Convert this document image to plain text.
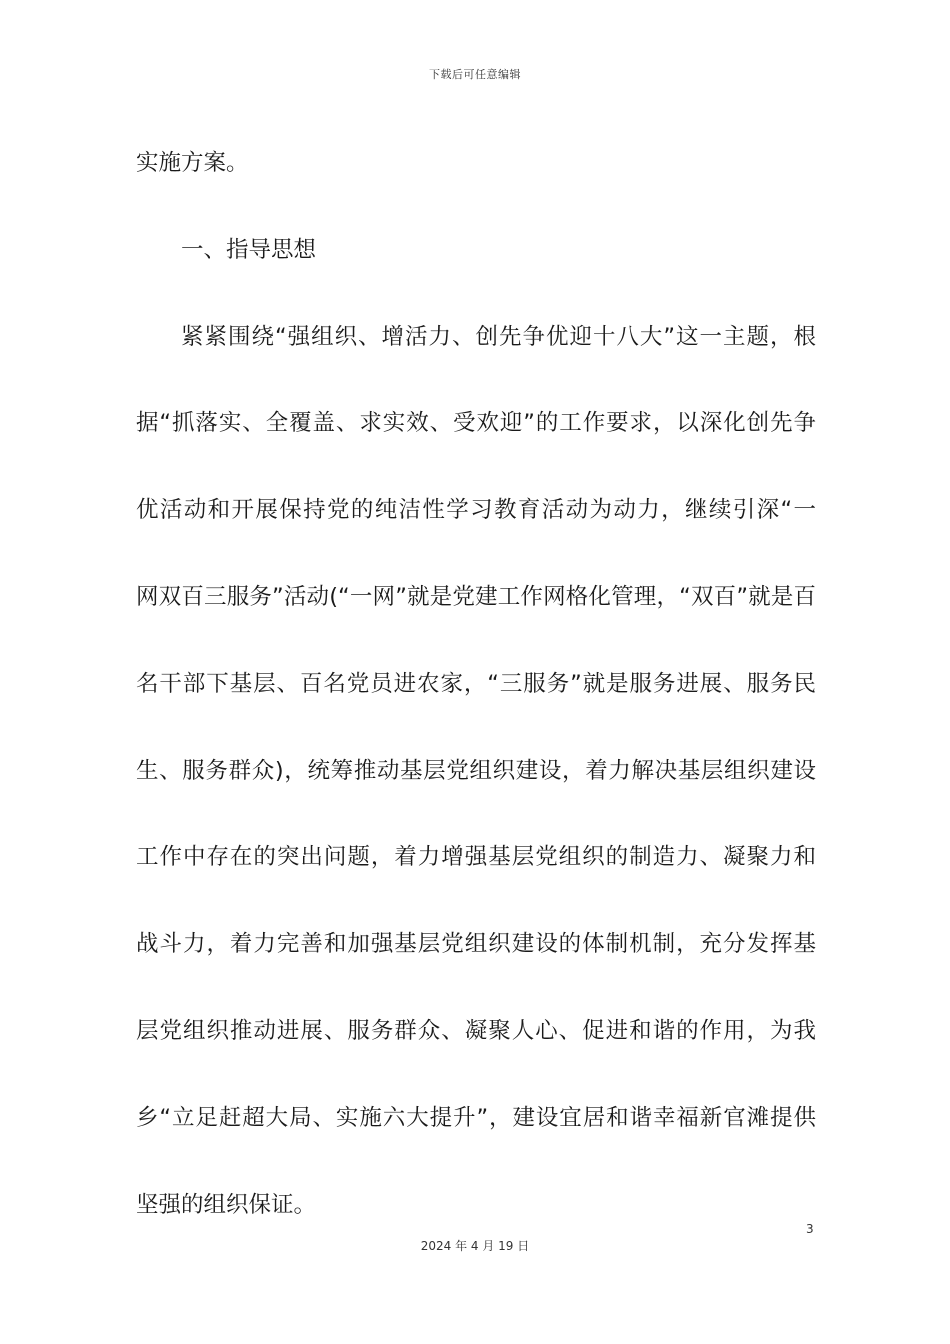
下载后可任意编辑
实施方案。
一、指导思想
紧紧围绕“强组织、增活力、创先争优迎十八大”这一主题，根
据“抓落实、全覆盖、求实效、受欢迎”的工作要求，以深化创先争
优活动和开展保持党的纯洁性学习教育活动为动力，继续引深“一
网双百三服务”活动(“一网”就是党建工作网格化管理，“双百”就是百
名干部下基层、百名党员进农家，“三服务”就是服务进展、服务民
生、服务群众)，统筹推动基层党组织建设，着力解决基层组织建设
工作中存在的突出问题，着力增强基层党组织的制造力、凝聚力和
战斗力，着力完善和加强基层党组织建设的体制机制，充分发挥基
层党组织推动进展、服务群众、凝聚人心、促进和谐的作用，为我
乡“立足赶超大局、实施六大提升”，建设宜居和谐幸福新官滩提供
坚强的组织保证。
3
2024 年 4 月 19 日
